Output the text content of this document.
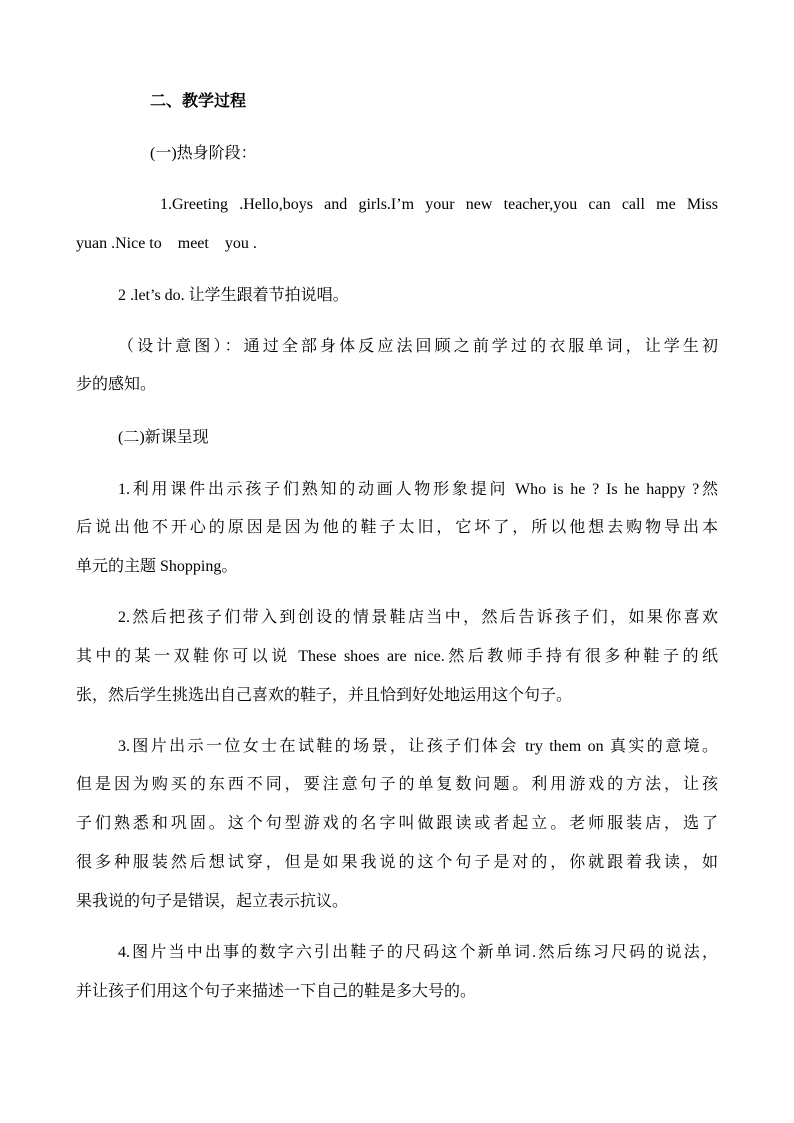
二、教学过程
(一)热身阶段：
1.Greeting .Hello,boys and girls.I’m your new teacher,you can call me Miss
yuan .Nice to    meet    you .
2 .let’s do. 让学生跟着节拍说唱。
（设计意图）：通过全部身体反应法回顾之前学过的衣服单词，让学生初
步的感知。
(二)新课呈现
1.利用课件出示孩子们熟知的动画人物形象提问 Who is he ? Is he happy ?然
后说出他不开心的原因是因为他的鞋子太旧，它坏了，所以他想去购物导出本
单元的主题 Shopping。
2.然后把孩子们带入到创设的情景鞋店当中，然后告诉孩子们，如果你喜欢
其中的某一双鞋你可以说 These shoes are nice.然后教师手持有很多种鞋子的纸
张，然后学生挑选出自己喜欢的鞋子，并且恰到好处地运用这个句子。
3.图片出示一位女士在试鞋的场景，让孩子们体会 try them on 真实的意境。
但是因为购买的东西不同，要注意句子的单复数问题。利用游戏的方法，让孩
子们熟悉和巩固。这个句型游戏的名字叫做跟读或者起立。老师服装店，选了
很多种服装然后想试穿，但是如果我说的这个句子是对的，你就跟着我读，如
果我说的句子是错误，起立表示抗议。
4.图片当中出事的数字六引出鞋子的尺码这个新单词.然后练习尺码的说法，
并让孩子们用这个句子来描述一下自己的鞋是多大号的。
